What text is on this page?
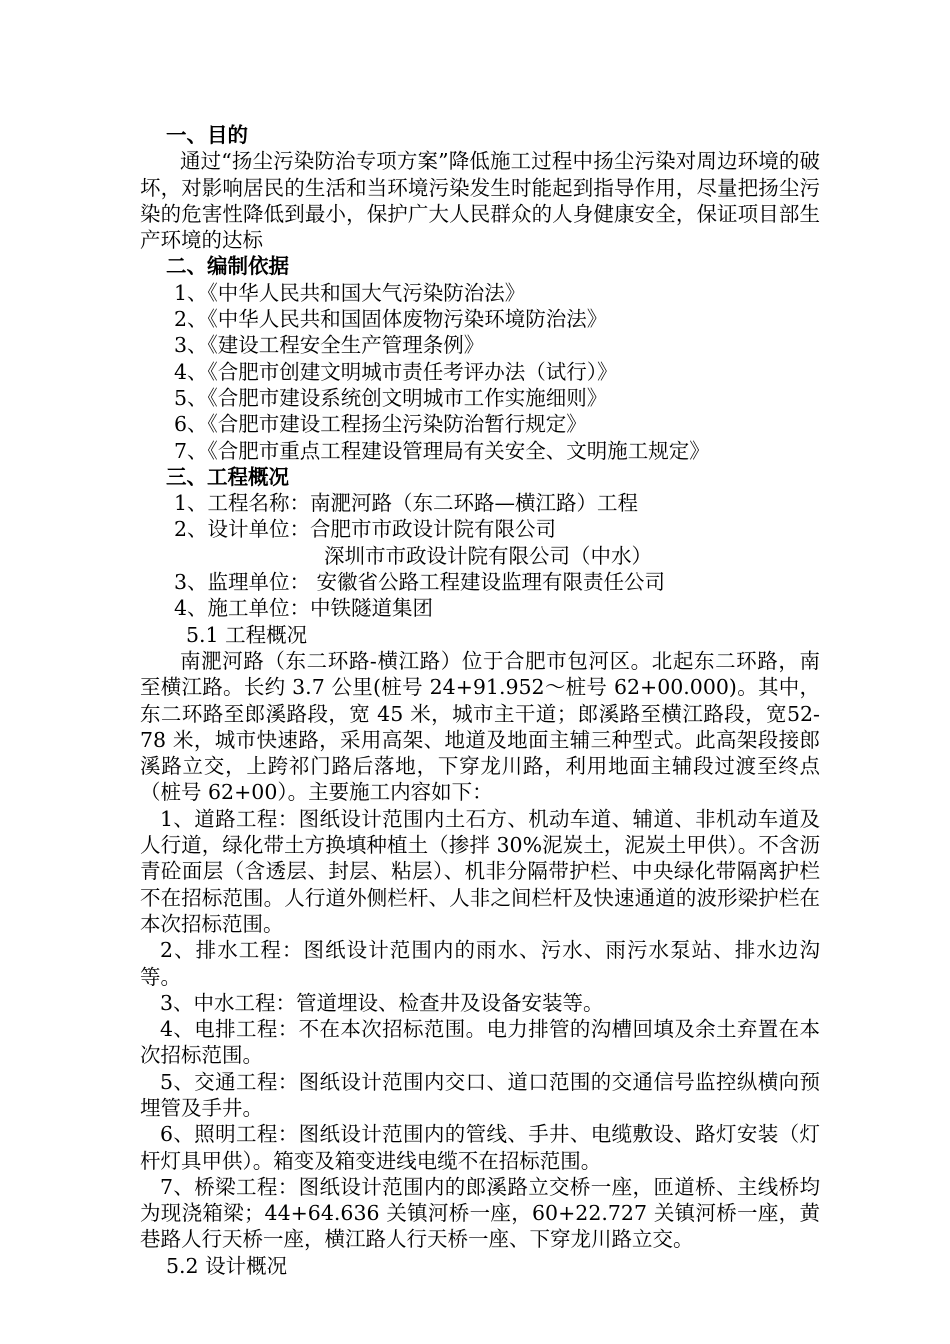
一、目的

通过“扬尘污染防治专项方案”降低施工过程中扬尘污染对周边环境的破坏，对影响居民的生活和当环境污染发生时能起到指导作用，尽量把扬尘污染的危害性降低到最小，保护广大人民群众的人身健康安全，保证项目部生产环境的达标

二、编制依据

1、《中华人民共和国大气污染防治法》

2、《中华人民共和国固体废物污染环境防治法》

3、《建设工程安全生产管理条例》

4、《合肥市创建文明城市责任考评办法（试行）》

5、《合肥市建设系统创文明城市工作实施细则》

6、《合肥市建设工程扬尘污染防治暂行规定》

7、《合肥市重点工程建设管理局有关安全、文明施工规定》

三、工程概况

1、工程名称：南淝河路（东二环路—横江路）工程

2、设计单位：合肥市市政设计院有限公司

深圳市市政设计院有限公司（中水）

3、监理单位： 安徽省公路工程建设监理有限责任公司

4、施工单位：中铁隧道集团

5.1 工程概况

南淝河路（东二环路-横江路）位于合肥市包河区。北起东二环路，南至横江路。长约 3.7 公里(桩号 24+91.952～桩号 62+00.000)。其中，东二环路至郎溪路段，宽 45 米，城市主干道；郎溪路至横江路段，宽52-78 米，城市快速路，采用高架、地道及地面主辅三种型式。此高架段接郎溪路立交，上跨祁门路后落地，下穿龙川路，利用地面主辅段过渡至终点（桩号 62+00）。主要施工内容如下：

1、道路工程：图纸设计范围内土石方、机动车道、辅道、非机动车道及人行道，绿化带土方换填种植土（掺拌 30%泥炭土，泥炭土甲供）。不含沥青砼面层（含透层、封层、粘层）、机非分隔带护栏、中央绿化带隔离护栏不在招标范围。人行道外侧栏杆、人非之间栏杆及快速通道的波形梁护栏在本次招标范围。

2、排水工程：图纸设计范围内的雨水、污水、雨污水泵站、排水边沟等。

3、中水工程：管道埋设、检查井及设备安装等。

4、电排工程：不在本次招标范围。电力排管的沟槽回填及余土弃置在本次招标范围。

5、交通工程：图纸设计范围内交口、道口范围的交通信号监控纵横向预埋管及手井。

6、照明工程：图纸设计范围内的管线、手井、电缆敷设、路灯安装（灯杆灯具甲供）。箱变及箱变进线电缆不在招标范围。

7、桥梁工程：图纸设计范围内的郎溪路立交桥一座，匝道桥、主线桥均为现浇箱梁；44+64.636 关镇河桥一座，60+22.727 关镇河桥一座，黄巷路人行天桥一座，横江路人行天桥一座、下穿龙川路立交。

5.2 设计概况
